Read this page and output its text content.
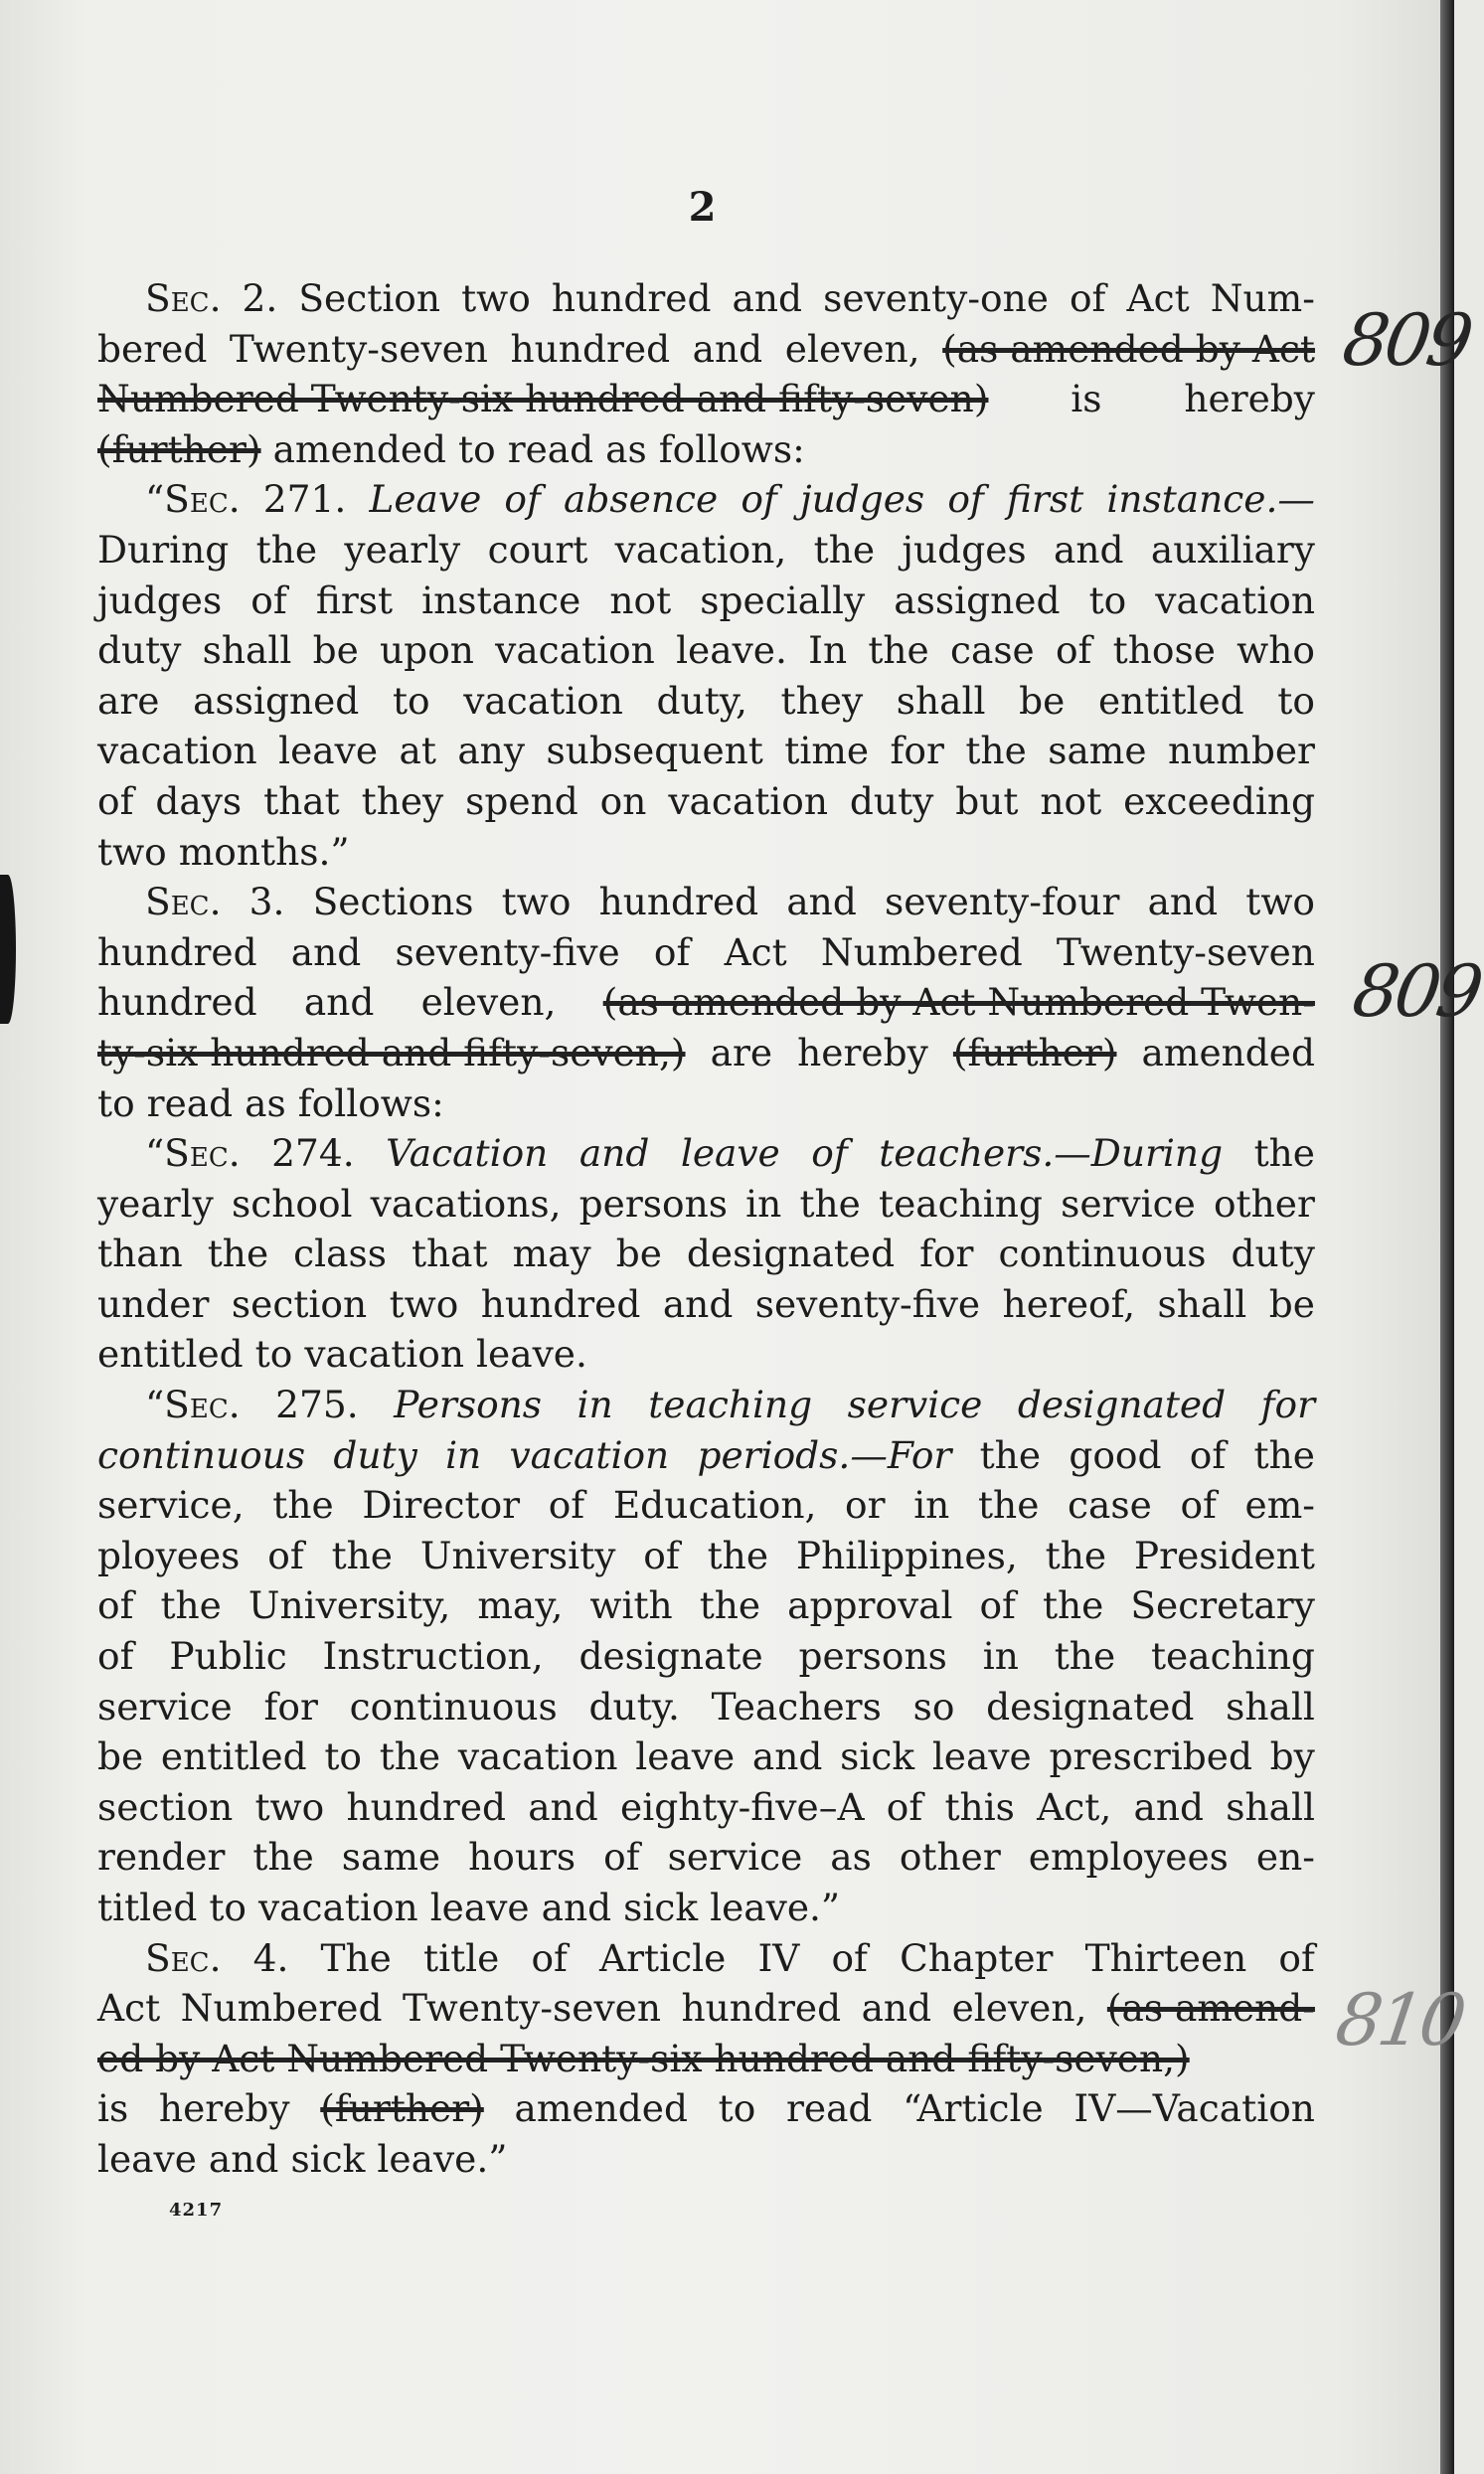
2
Sec. 2. Section two hundred and seventy-one of Act Num-
bered Twenty-seven hundred and eleven, (as amended by Act
Numbered Twenty-six hundred and fifty-seven) is hereby
(further) amended to read as follows:
“Sec. 271. Leave of absence of judges of first instance.—
During the yearly court vacation, the judges and auxiliary
judges of first instance not specially assigned to vacation
duty shall be upon vacation leave. In the case of those who
are assigned to vacation duty, they shall be entitled to
vacation leave at any subsequent time for the same number
of days that they spend on vacation duty but not exceeding
two months.”
Sec. 3. Sections two hundred and seventy-four and two
hundred and seventy-five of Act Numbered Twenty-seven
hundred and eleven, (as amended by Act Numbered Twen-
ty-six hundred and fifty-seven,) are hereby (further) amended
to read as follows:
“Sec. 274. Vacation and leave of teachers.—During the
yearly school vacations, persons in the teaching service other
than the class that may be designated for continuous duty
under section two hundred and seventy-five hereof, shall be
entitled to vacation leave.
“Sec. 275. Persons in teaching service designated for
continuous duty in vacation periods.—For the good of the
service, the Director of Education, or in the case of em-
ployees of the University of the Philippines, the President
of the University, may, with the approval of the Secretary
of Public Instruction, designate persons in the teaching
service for continuous duty. Teachers so designated shall
be entitled to the vacation leave and sick leave prescribed by
section two hundred and eighty-five–A of this Act, and shall
render the same hours of service as other employees en-
titled to vacation leave and sick leave.”
Sec. 4. The title of Article IV of Chapter Thirteen of
Act Numbered Twenty-seven hundred and eleven, (as amend-
ed by Act Numbered Twenty-six hundred and fifty-seven,)
is hereby (further) amended to read “Article IV—Vacation
leave and sick leave.”
809
809
810
4217
